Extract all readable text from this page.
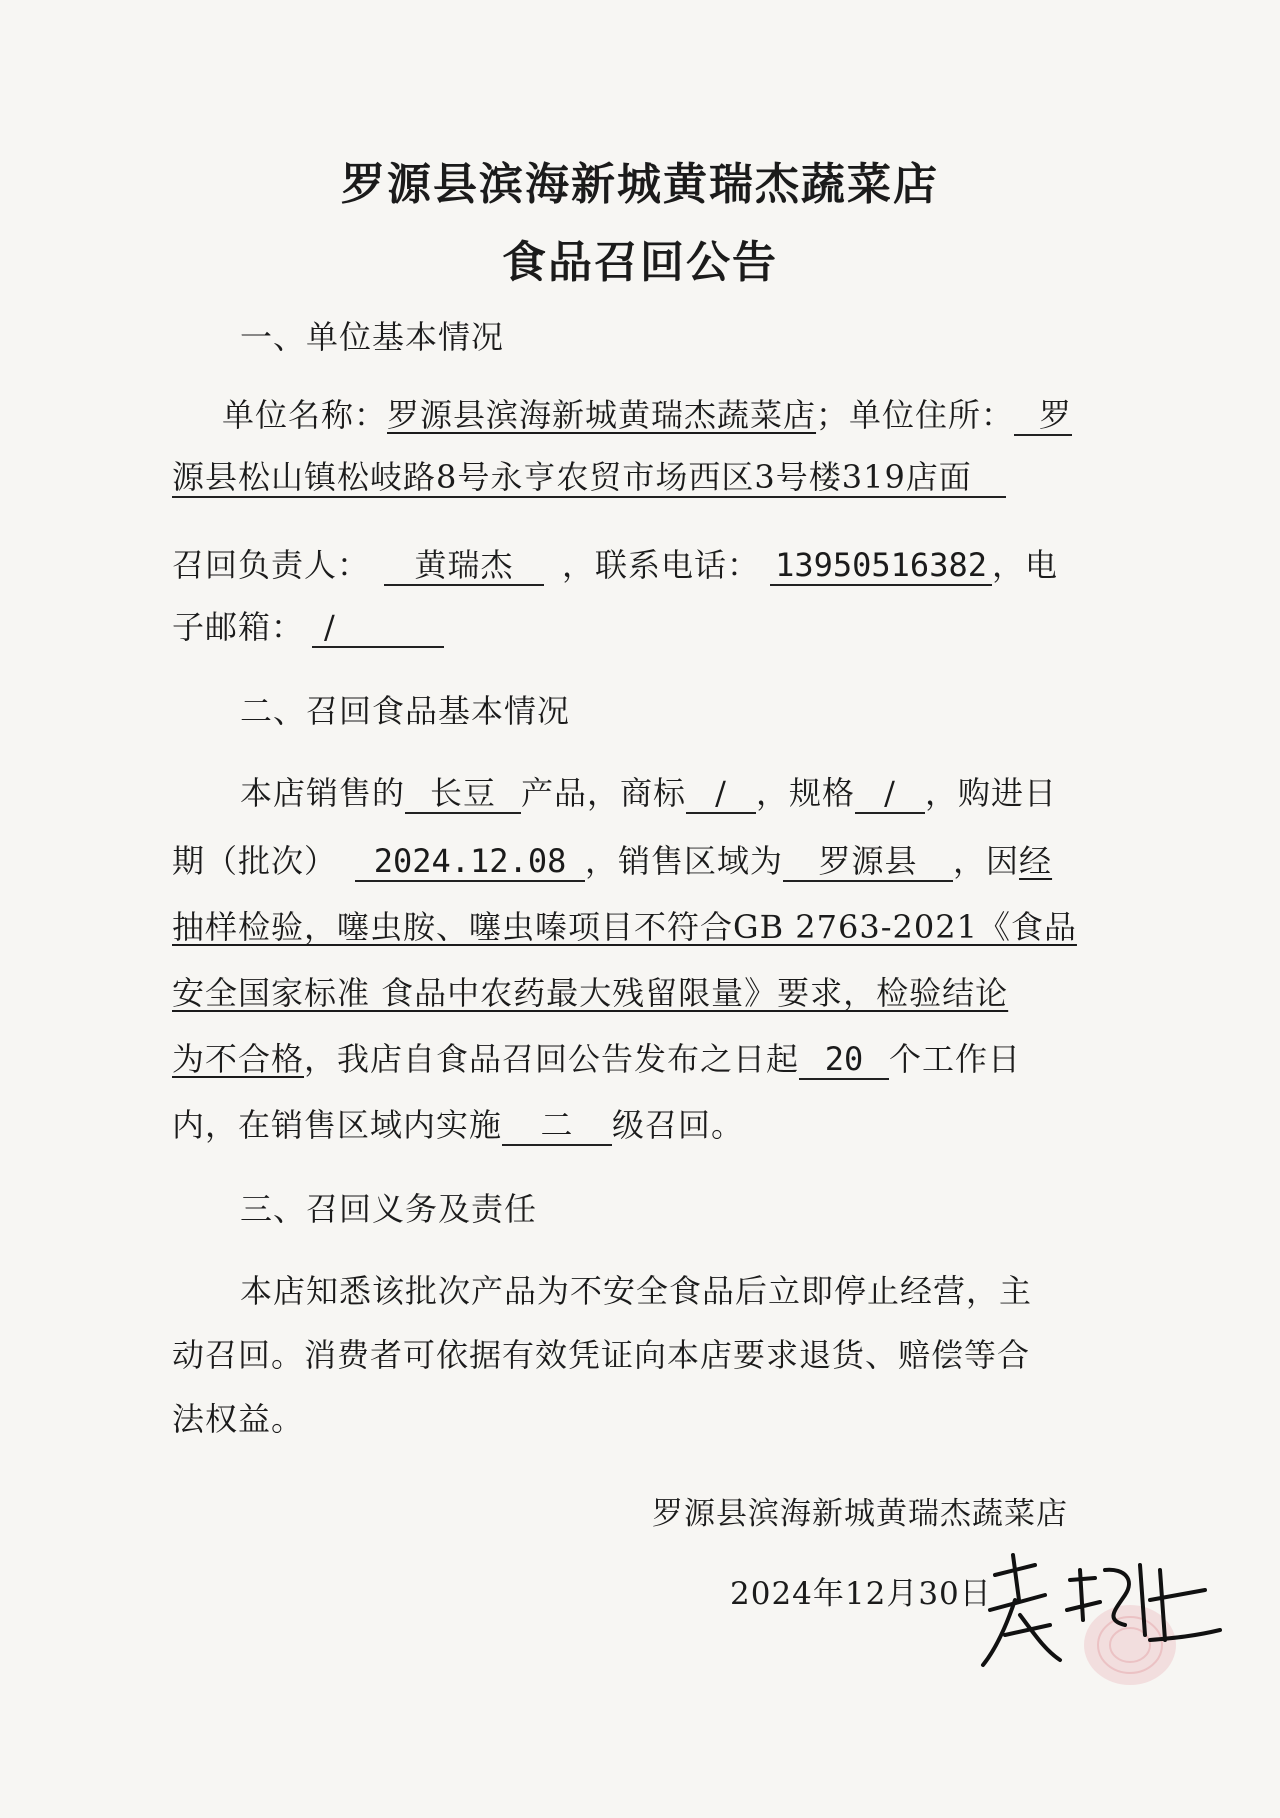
罗源县滨海新城黄瑞杰蔬菜店
食品召回公告
一、单位基本情况
单位名称：罗源县滨海新城黄瑞杰蔬菜店；单位住所： 罗
源县松山镇松岐路8号永亨农贸市场西区3号楼319店面
召回负责人： 黄瑞杰 ，联系电话： 13950516382 ，电
子邮箱： /
二、召回食品基本情况
本店销售的 长豆 产品，商标 / ，规格 / ，购进日
期（批次） 2024.12.08 ，销售区域为 罗源县 ，因经
抽样检验，噻虫胺、噻虫嗪项目不符合GB 2763-2021《食品
安全国家标准 食品中农药最大残留限量》要求，检验结论
为不合格，我店自食品召回公告发布之日起 20 个工作日
内，在销售区域内实施 二 级召回。
三、召回义务及责任
本店知悉该批次产品为不安全食品后立即停止经营，主
动召回。消费者可依据有效凭证向本店要求退货、赔偿等合
法权益。
罗源县滨海新城黄瑞杰蔬菜店
2024年12月30日
